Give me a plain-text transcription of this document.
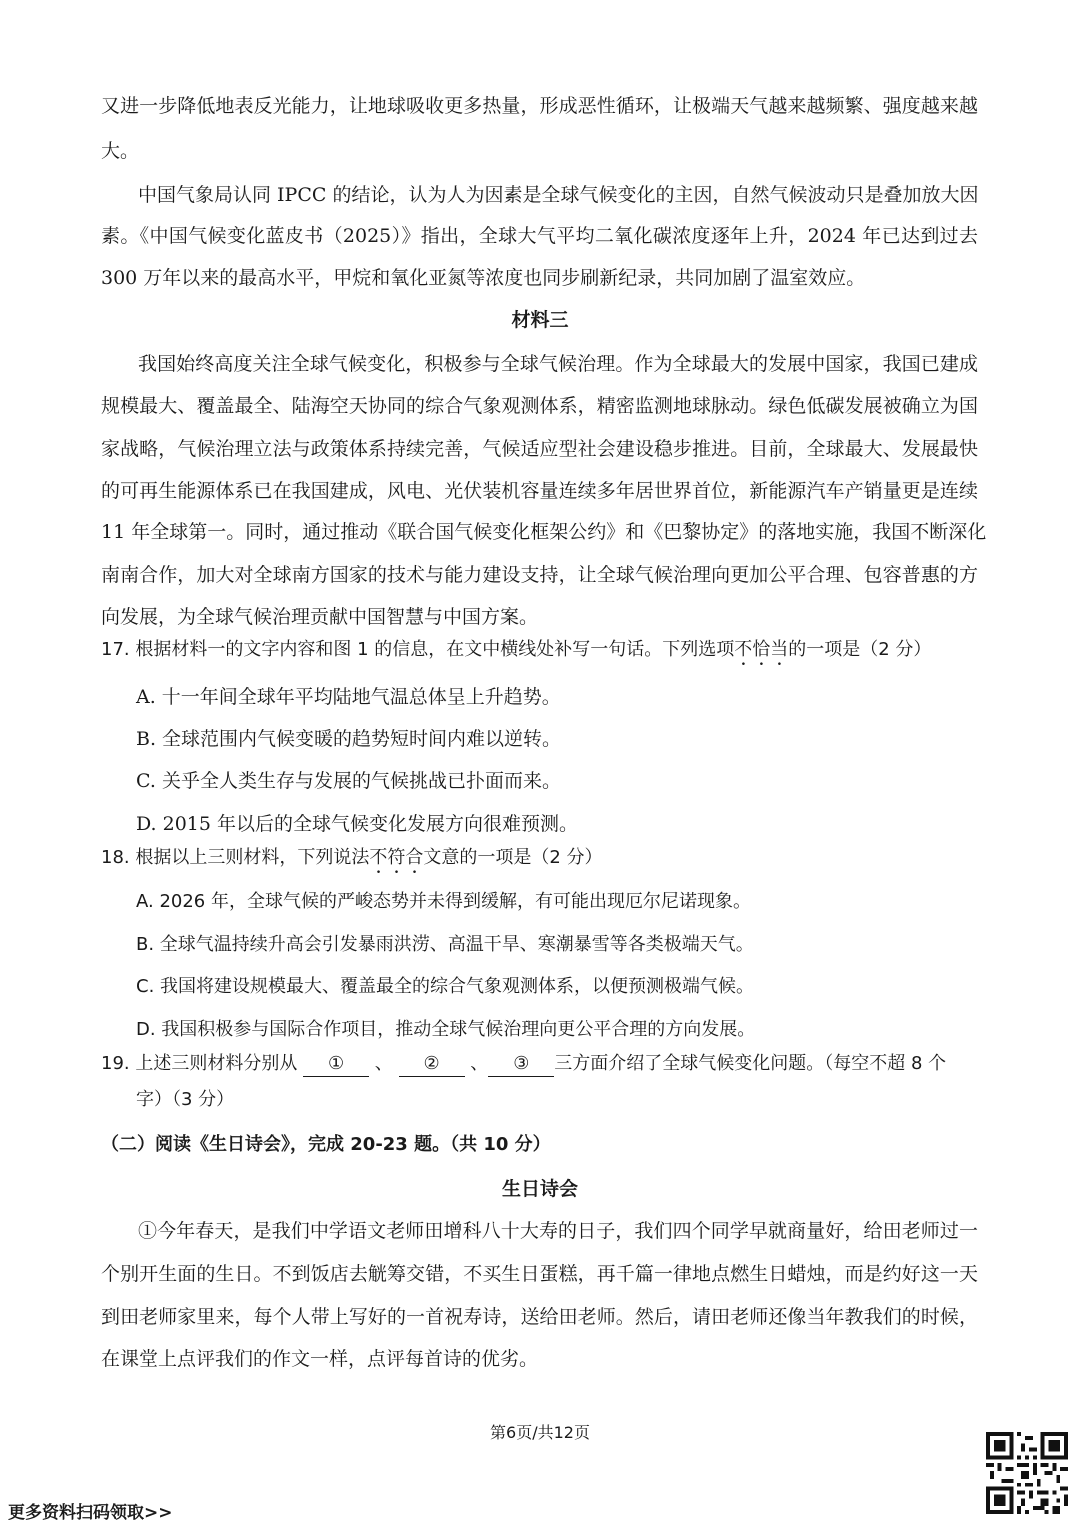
又进一步降低地表反光能力，让地球吸收更多热量，形成恶性循环，让极端天气越来越频繁、强度越来越
大。
中国气象局认同 IPCC 的结论，认为人为因素是全球气候变化的主因，自然气候波动只是叠加放大因
素。《中国气候变化蓝皮书（2025）》指出，全球大气平均二氧化碳浓度逐年上升，2024 年已达到过去
300 万年以来的最高水平，甲烷和氧化亚氮等浓度也同步刷新纪录，共同加剧了温室效应。
材料三
我国始终高度关注全球气候变化，积极参与全球气候治理。作为全球最大的发展中国家，我国已建成
规模最大、覆盖最全、陆海空天协同的综合气象观测体系，精密监测地球脉动。绿色低碳发展被确立为国
家战略，气候治理立法与政策体系持续完善，气候适应型社会建设稳步推进。目前，全球最大、发展最快
的可再生能源体系已在我国建成，风电、光伏装机容量连续多年居世界首位，新能源汽车产销量更是连续
11 年全球第一。同时，通过推动《联合国气候变化框架公约》和《巴黎协定》的落地实施，我国不断深化
南南合作，加大对全球南方国家的技术与能力建设支持，让全球气候治理向更加公平合理、包容普惠的方
向发展，为全球气候治理贡献中国智慧与中国方案。
17. 根据材料一的文字内容和图 1 的信息，在文中横线处补写一句话。下列选项不恰当的一项是（2 分）
A. 十一年间全球年平均陆地气温总体呈上升趋势。
B. 全球范围内气候变暖的趋势短时间内难以逆转。
C. 关乎全人类生存与发展的气候挑战已扑面而来。
D. 2015 年以后的全球气候变化发展方向很难预测。
18. 根据以上三则材料，下列说法不符合文意的一项是（2 分）
A. 2026 年，全球气候的严峻态势并未得到缓解，有可能出现厄尔尼诺现象。
B. 全球气温持续升高会引发暴雨洪涝、高温干旱、寒潮暴雪等各类极端天气。
C. 我国将建设规模最大、覆盖最全的综合气象观测体系，以便预测极端气候。
D. 我国积极参与国际合作项目，推动全球气候治理向更公平合理的方向发展。
19. 上述三则材料分别从 ① 、 ② 、 ③ 三方面介绍了全球气候变化问题。（每空不超 8 个
字）（3 分）
（二）阅读《生日诗会》，完成 20-23 题。（共 10 分）
生日诗会
①今年春天，是我们中学语文老师田增科八十大寿的日子，我们四个同学早就商量好，给田老师过一
个别开生面的生日。不到饭店去觥筹交错，不买生日蛋糕，再千篇一律地点燃生日蜡烛，而是约好这一天
到田老师家里来，每个人带上写好的一首祝寿诗，送给田老师。然后，请田老师还像当年教我们的时候，
在课堂上点评我们的作文一样，点评每首诗的优劣。
第6页/共12页
更多资料扫码领取>>
